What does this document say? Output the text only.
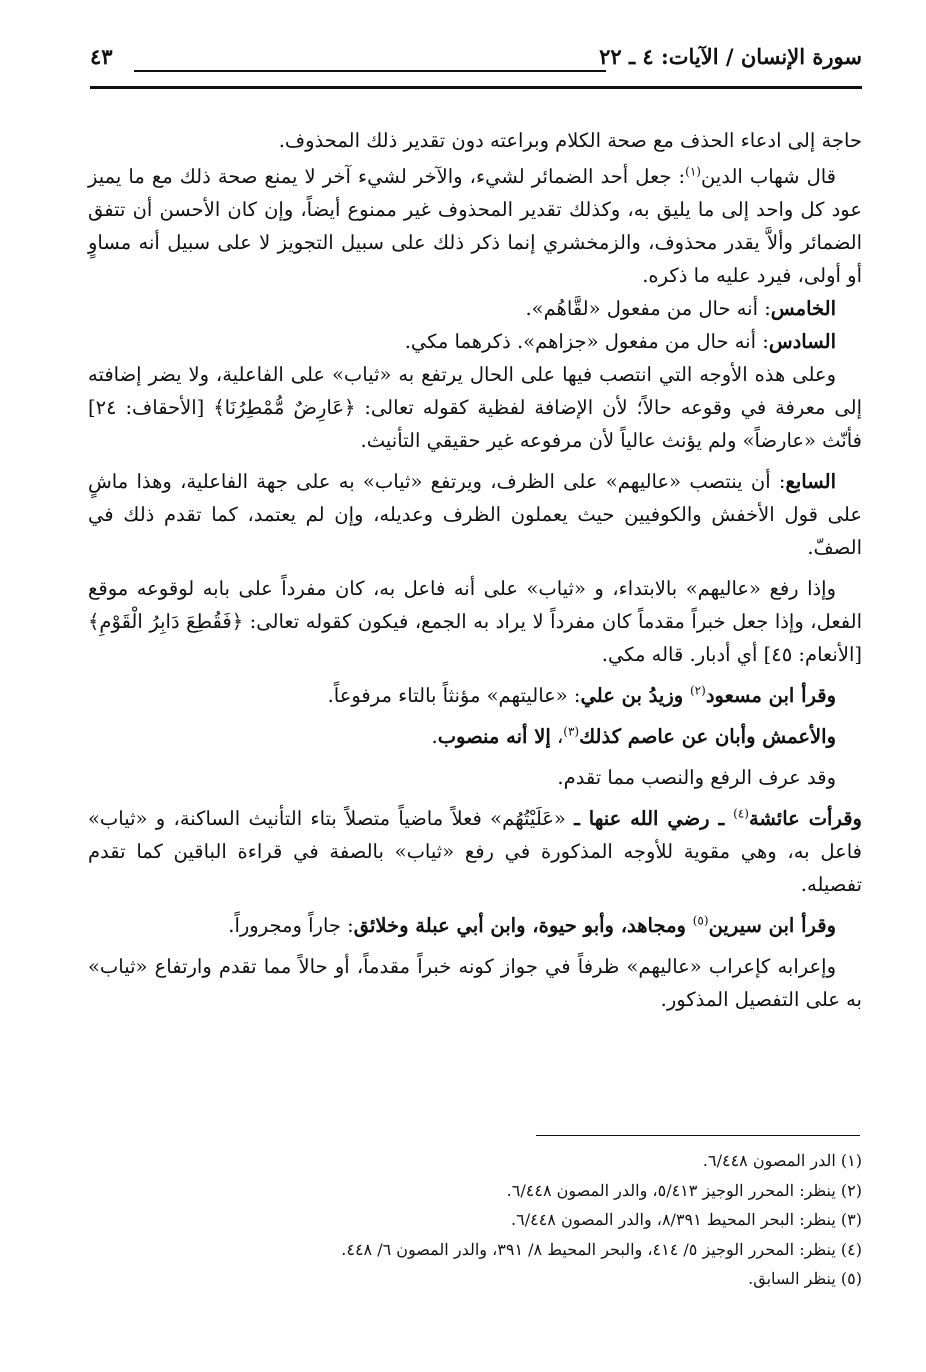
سورة الإنسان / الآيات: ٤ ـ ٢٢
٤٣

حاجة إلى ادعاء الحذف مع صحة الكلام وبراعته دون تقدير ذلك المحذوف.

قال شهاب الدين$^{(١)}$: جعل أحد الضمائر لشيء، والآخر لشيء آخر لا يمنع صحة ذلك مع ما يميز عود كل واحد إلى ما يليق به، وكذلك تقدير المحذوف غير ممنوع أيضاً، وإن كان الأحسن أن تتفق الضمائر وألاَّ يقدر محذوف، والزمخشري إنما ذكر ذلك على سبيل التجويز لا على سبيل أنه مساوٍ أو أولى، فيرد عليه ما ذكره.

الخامس: أنه حال من مفعول «لقَّاهُم».

السادس: أنه حال من مفعول «جزاهم». ذكرهما مكي.

وعلى هذه الأوجه التي انتصب فيها على الحال يرتفع به «ثياب» على الفاعلية، ولا يضر إضافته إلى معرفة في وقوعه حالاً؛ لأن الإضافة لفظية كقوله تعالى: ﴿عَارِضٌ مُّمْطِرُنَا﴾ [الأحقاف: ٢٤] فأنّث «عارضاً» ولم يؤنث عالياً لأن مرفوعه غير حقيقي التأنيث.

السابع: أن ينتصب «عاليهم» على الظرف، ويرتفع «ثياب» به على جهة الفاعلية، وهذا ماشٍ على قول الأخفش والكوفيين حيث يعملون الظرف وعديله، وإن لم يعتمد، كما تقدم ذلك في الصفّ.

وإذا رفع «عاليهم» بالابتداء، و «ثياب» على أنه فاعل به، كان مفرداً على بابه لوقوعه موقع الفعل، وإذا جعل خبراً مقدماً كان مفرداً لا يراد به الجمع، فيكون كقوله تعالى: ﴿فَقُطِعَ دَابِرُ الْقَوْمِ﴾ [الأنعام: ٤٥] أي أدبار. قاله مكي.

وقرأ ابن مسعود$^{(٢)}$ وزيدُ بن علي: «عاليتهم» مؤنثاً بالتاء مرفوعاً.

والأعمش وأبان عن عاصم كذلك$^{(٣)}$، إلا أنه منصوب.

وقد عرف الرفع والنصب مما تقدم.

وقرأت عائشة$^{(٤)}$ ـ رضي الله عنها ـ «عَلَيْتُهُم» فعلاً ماضياً متصلاً بتاء التأنيث الساكنة، و «ثياب» فاعل به، وهي مقوية للأوجه المذكورة في رفع «ثياب» بالصفة في قراءة الباقين كما تقدم تفصيله.

وقرأ ابن سيرين$^{(٥)}$ ومجاهد، وأبو حيوة، وابن أبي عبلة وخلائق: جاراً ومجروراً.

وإعرابه كإعراب «عاليهم» ظرفاً في جواز كونه خبراً مقدماً، أو حالاً مما تقدم وارتفاع «ثياب» به على التفصيل المذكور.

(١) الدر المصون ٦/٤٤٨.

(٢) ينظر: المحرر الوجيز ٥/٤١٣، والدر المصون ٦/٤٤٨.

(٣) ينظر: البحر المحيط ٨/٣٩١، والدر المصون ٦/٤٤٨.

(٤) ينظر: المحرر الوجيز ٥/ ٤١٤، والبحر المحيط ٨/ ٣٩١، والدر المصون ٦/ ٤٤٨.

(٥) ينظر السابق.
